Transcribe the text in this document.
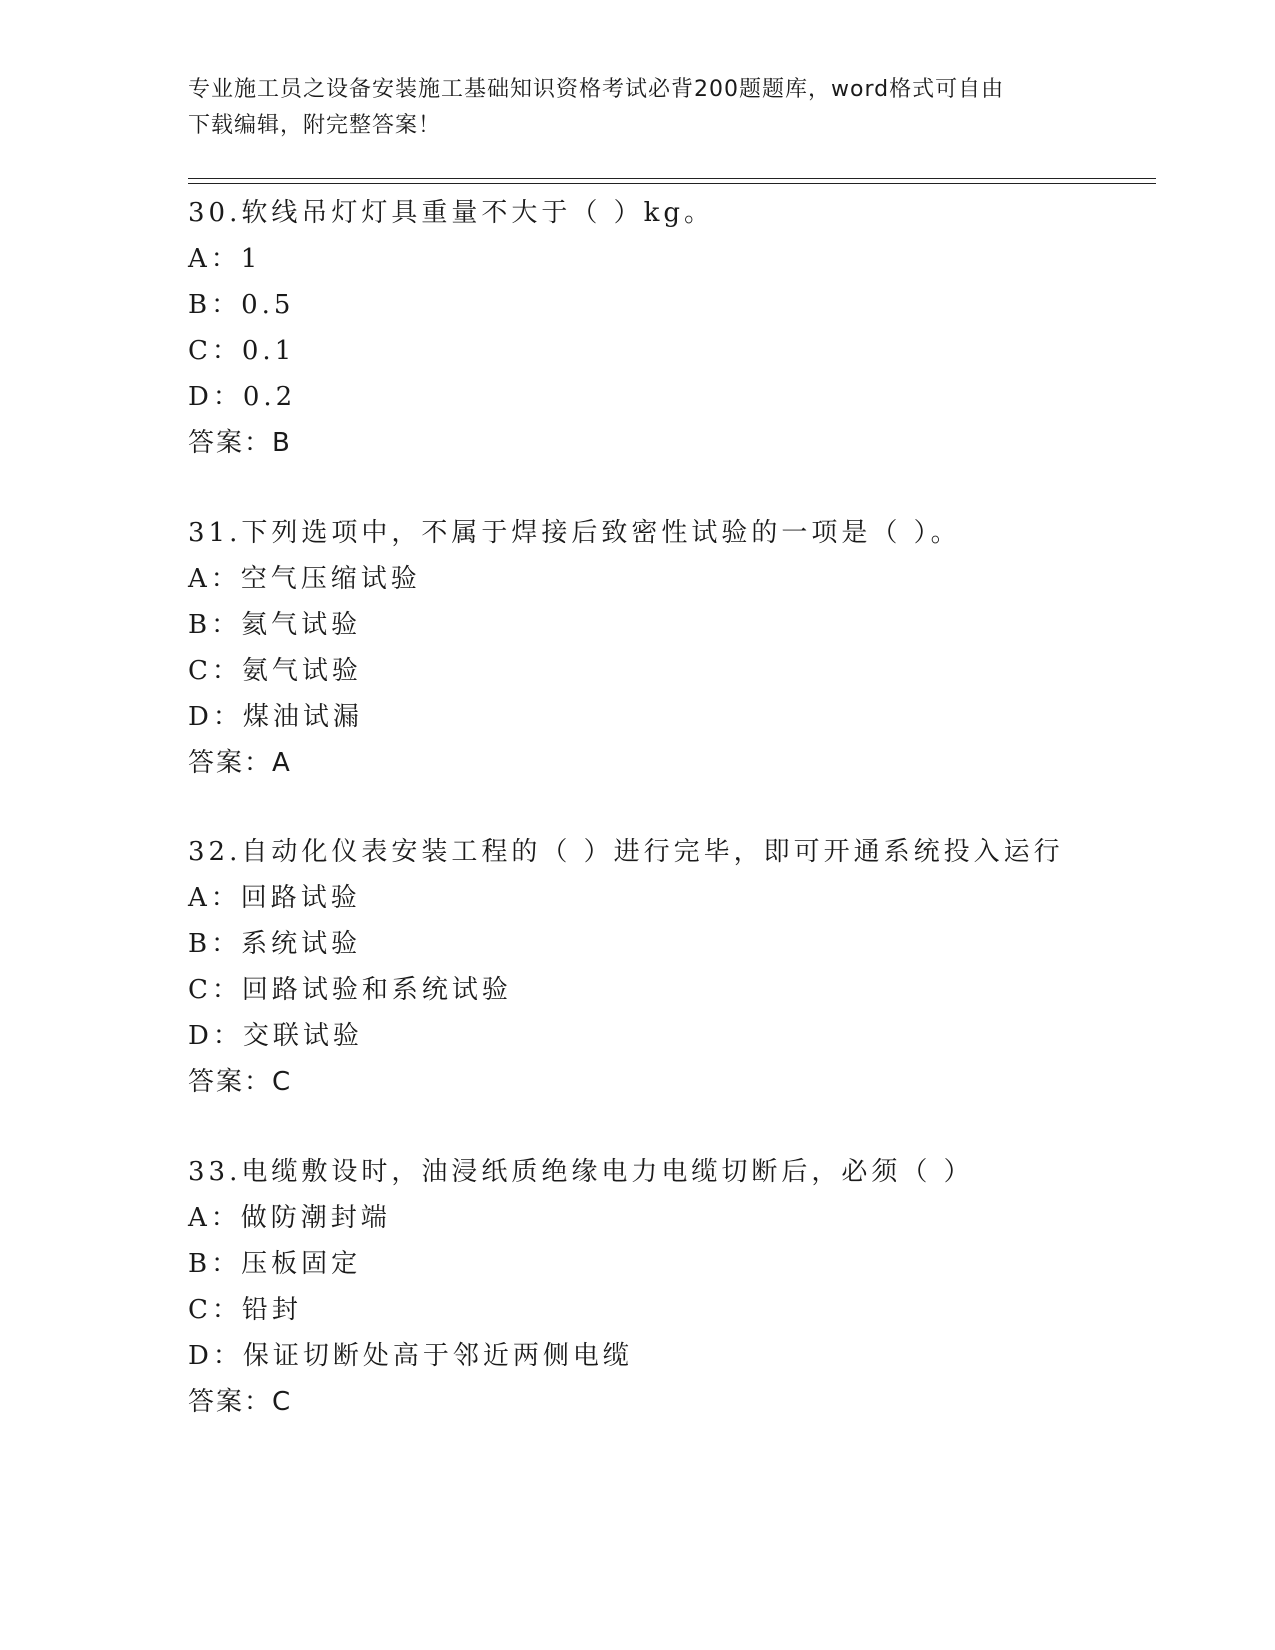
专业施工员之设备安装施工基础知识资格考试必背200题题库，word格式可自由
下载编辑，附完整答案！
30.软线吊灯灯具重量不大于（ ）kg。
A：1
B：0.5
C：0.1
D：0.2
答案：B
31.下列选项中，不属于焊接后致密性试验的一项是（ ）。
A：空气压缩试验
B：氦气试验
C：氨气试验
D：煤油试漏
答案：A
32.自动化仪表安装工程的（ ）进行完毕，即可开通系统投入运行
A：回路试验
B：系统试验
C：回路试验和系统试验
D：交联试验
答案：C
33.电缆敷设时，油浸纸质绝缘电力电缆切断后，必须（ ）
A：做防潮封端
B：压板固定
C：铅封
D：保证切断处高于邻近两侧电缆
答案：C
